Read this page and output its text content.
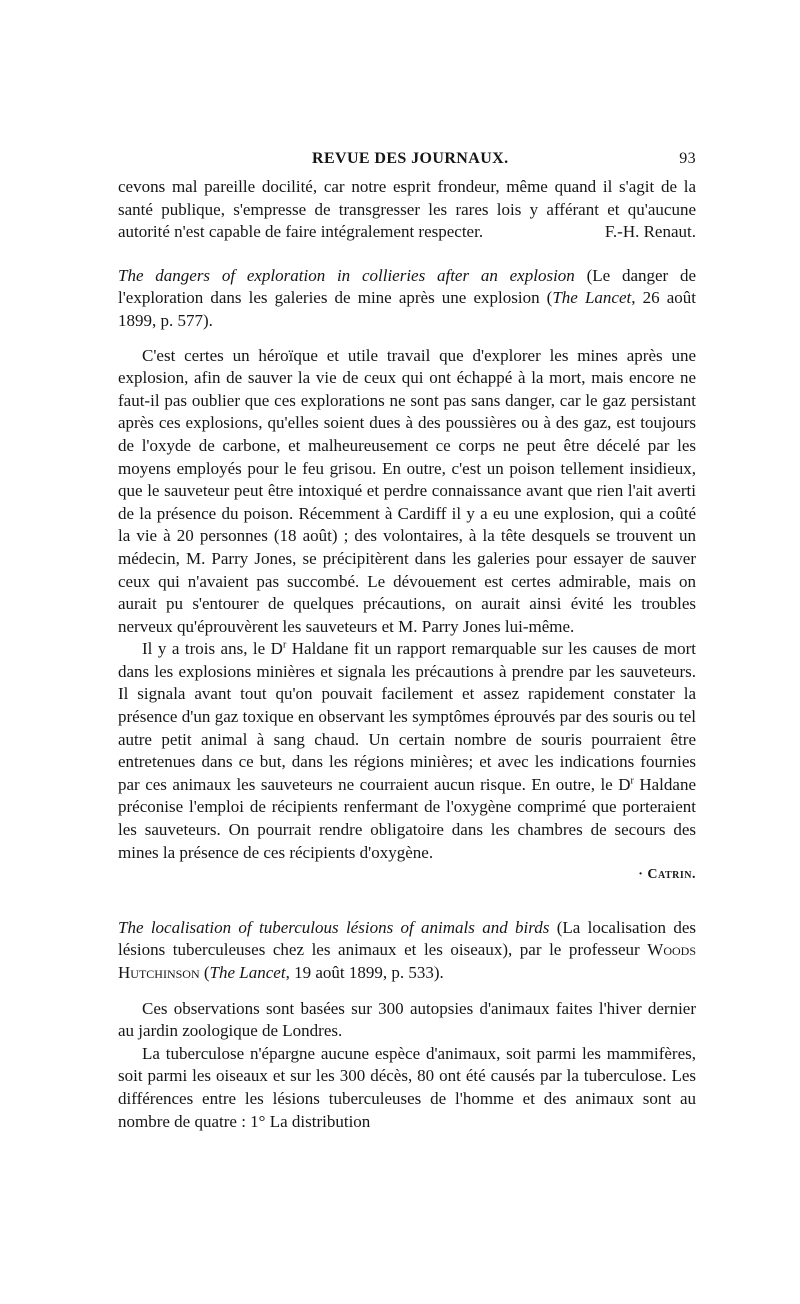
REVUE DES JOURNAUX.	93

cevons mal pareille docilité, car notre esprit frondeur, même quand il s'agit de la santé publique, s'empresse de transgresser les rares lois y afférant et qu'aucune autorité n'est capable de faire intégralement respecter.	F.-H. Renaut.

The dangers of exploration in collieries after an explosion (Le danger de l'exploration dans les galeries de mine après une explosion (The Lancet, 26 août 1899, p. 577).

C'est certes un héroïque et utile travail que d'explorer les mines après une explosion, afin de sauver la vie de ceux qui ont échappé à la mort, mais encore ne faut-il pas oublier que ces explorations ne sont pas sans danger, car le gaz persistant après ces explosions, qu'elles soient dues à des poussières ou à des gaz, est toujours de l'oxyde de carbone, et malheureusement ce corps ne peut être décelé par les moyens employés pour le feu grisou. En outre, c'est un poison tellement insidieux, que le sauveteur peut être intoxiqué et perdre connaissance avant que rien l'ait averti de la présence du poison. Récemment à Cardiff il y a eu une explosion, qui a coûté la vie à 20 personnes (18 août) ; des volontaires, à la tête desquels se trouvent un médecin, M. Parry Jones, se précipitèrent dans les galeries pour essayer de sauver ceux qui n'avaient pas succombé. Le dévouement est certes admirable, mais on aurait pu s'entourer de quelques précautions, on aurait ainsi évité les troubles nerveux qu'éprouvèrent les sauveteurs et M. Parry Jones lui-même.

Il y a trois ans, le $D^r$ Haldane fit un rapport remarquable sur les causes de mort dans les explosions minières et signala les précautions à prendre par les sauveteurs. Il signala avant tout qu'on pouvait facilement et assez rapidement constater la présence d'un gaz toxique en observant les symptômes éprouvés par des souris ou tel autre petit animal à sang chaud. Un certain nombre de souris pourraient être entretenues dans ce but, dans les régions minières; et avec les indications fournies par ces animaux les sauveteurs ne courraient aucun risque. En outre, le $D^r$ Haldane préconise l'emploi de récipients renfermant de l'oxygène comprimé que porteraient les sauveteurs. On pourrait rendre obligatoire dans les chambres de secours des mines la présence de ces récipients d'oxygène.

· Catrin.

The localisation of tuberculous lésions of animals and birds (La localisation des lésions tuberculeuses chez les animaux et les oiseaux), par le professeur Woods Hutchinson (The Lancet, 19 août 1899, p. 533).

Ces observations sont basées sur 300 autopsies d'animaux faites l'hiver dernier au jardin zoologique de Londres.

La tuberculose n'épargne aucune espèce d'animaux, soit parmi les mammifères, soit parmi les oiseaux et sur les 300 décès, 80 ont été causés par la tuberculose. Les différences entre les lésions tuberculeuses de l'homme et des animaux sont au nombre de quatre : 1° La distribution
